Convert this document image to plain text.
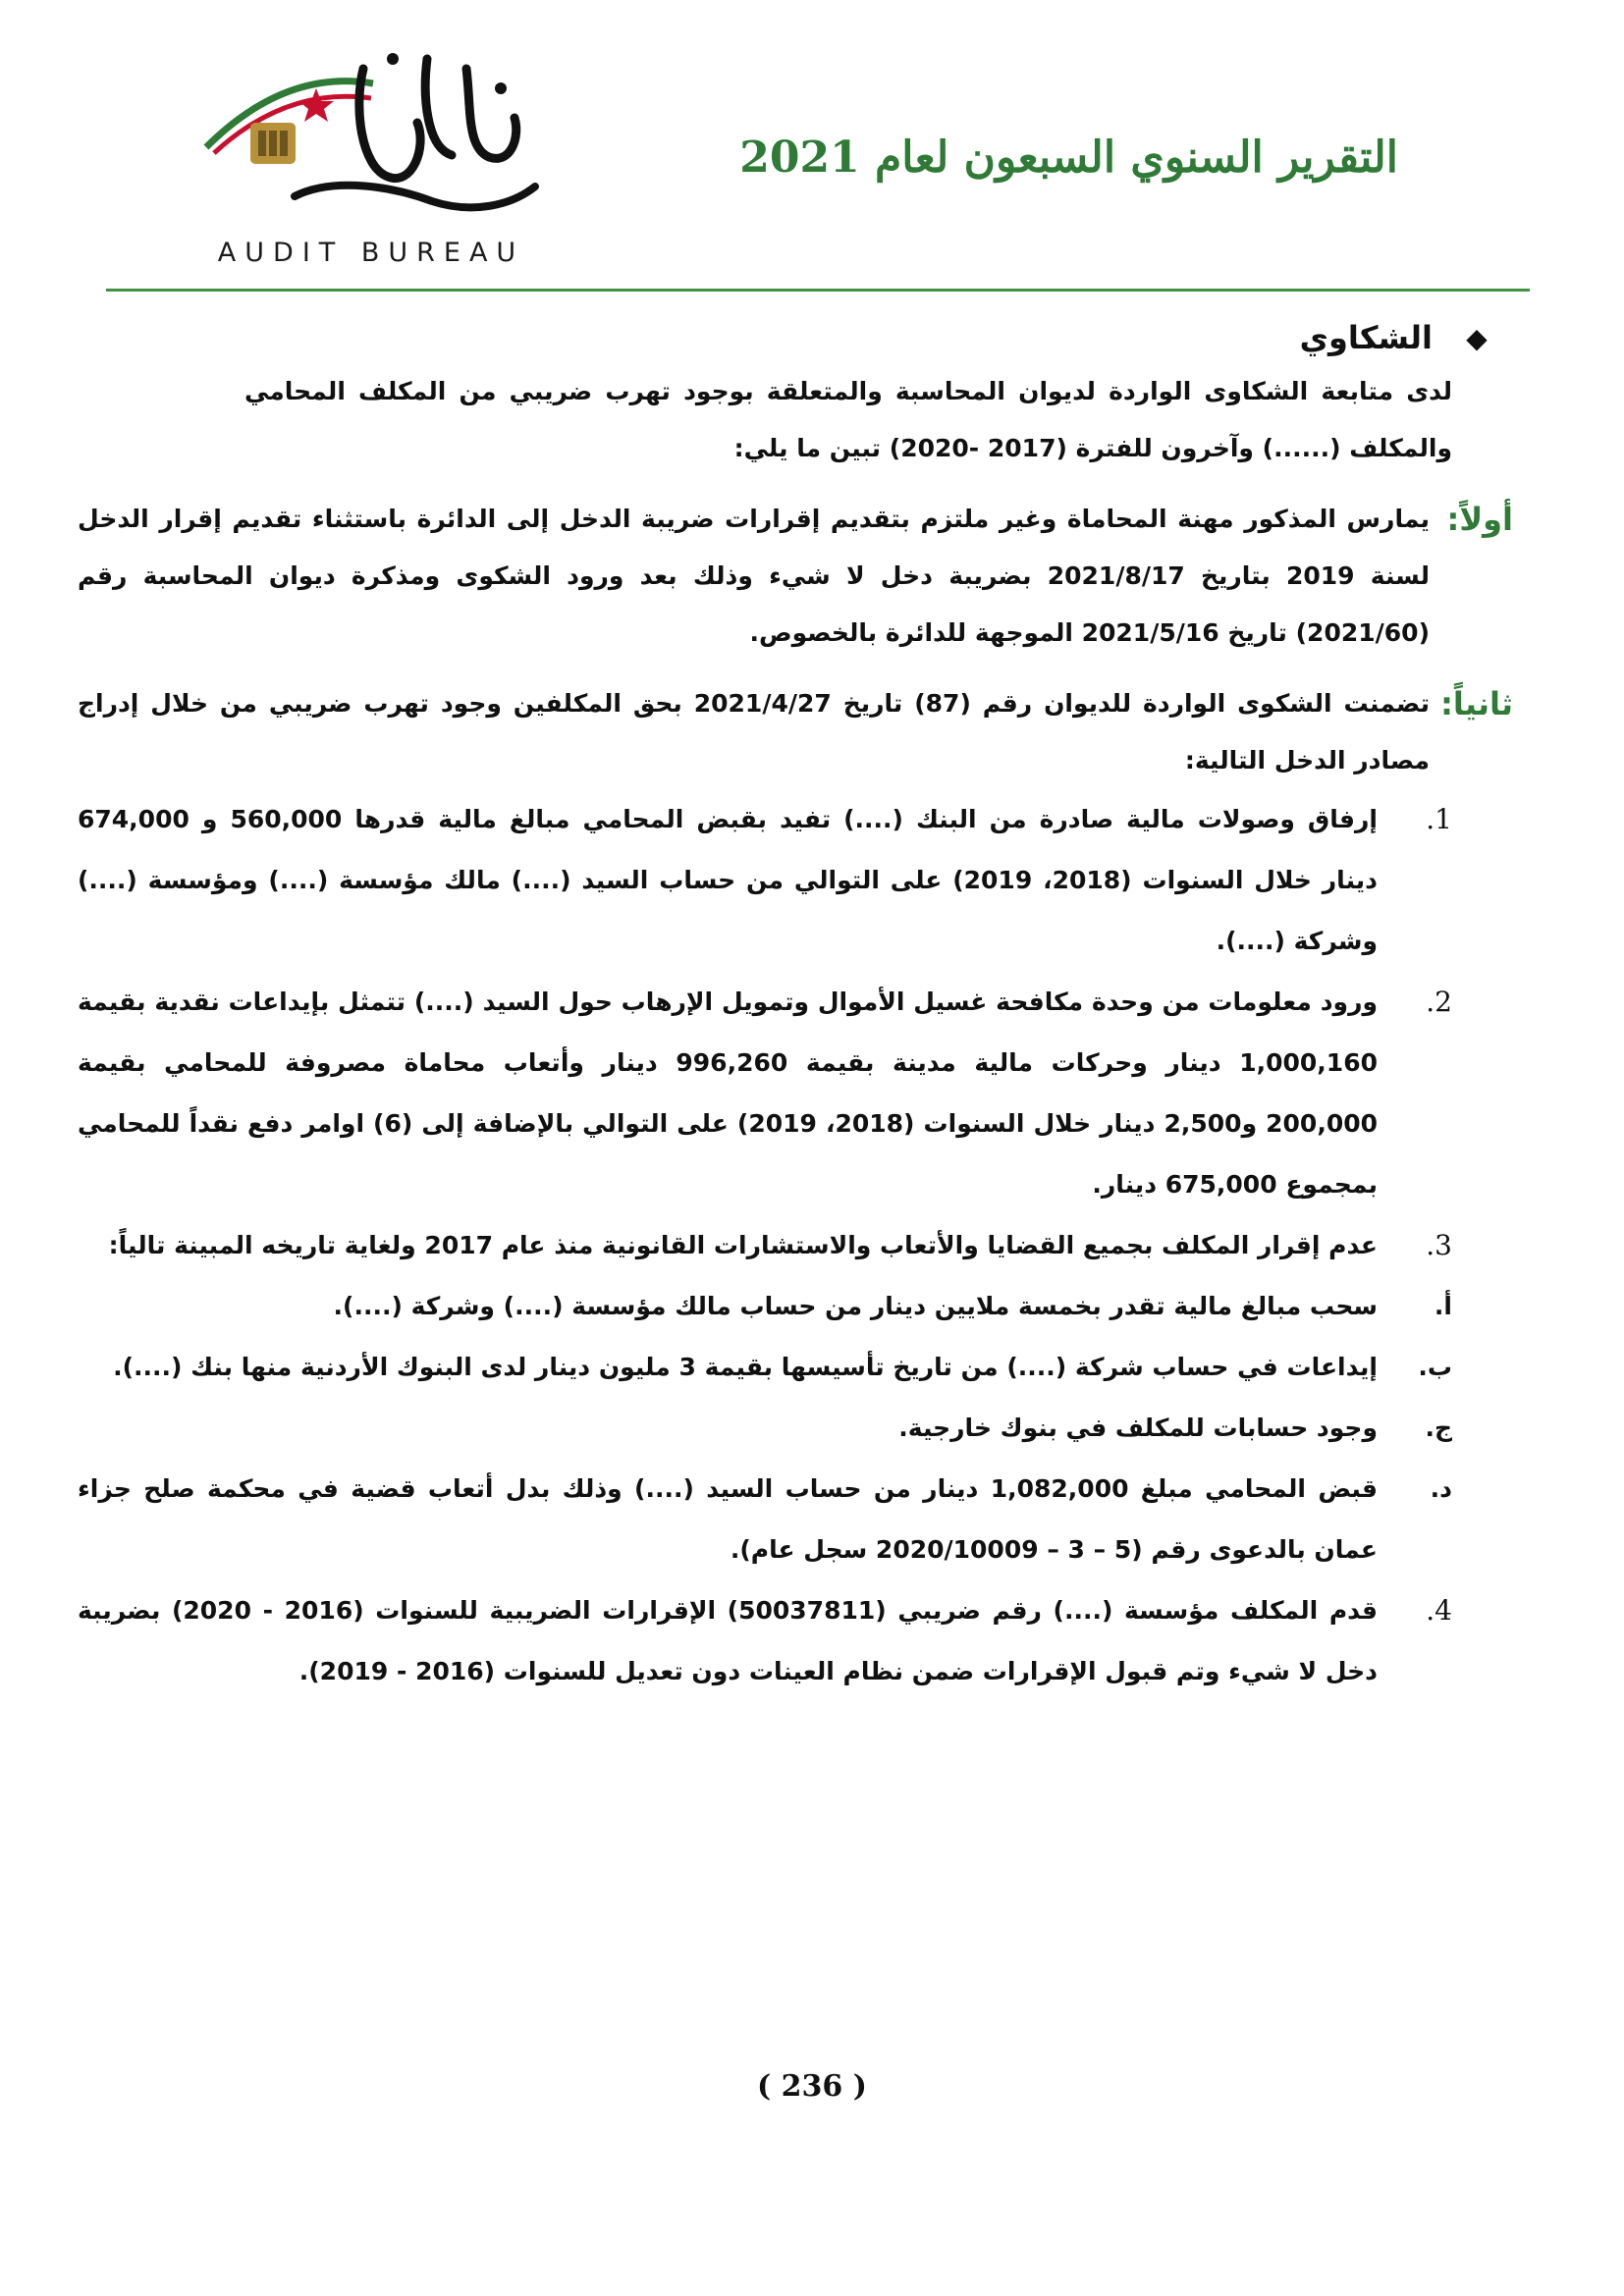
AUDIT BUREAU
التقرير السنوي السبعون لعام 2021
◆
الشكاوي
لدى متابعة الشكاوى الواردة لديوان المحاسبة والمتعلقة بوجود تهرب ضريبي من المكلف المحامي والمكلف (......) وآخرون للفترة (2017 -2020) تبين ما يلي:
أولاً:
يمارس المذكور مهنة المحاماة وغير ملتزم بتقديم إقرارات ضريبة الدخل إلى الدائرة باستثناء تقديم إقرار الدخل لسنة 2019 بتاريخ 2021/8/17 بضريبة دخل لا شيء وذلك بعد ورود الشكوى ومذكرة ديوان المحاسبة رقم (2021/60) تاريخ 2021/5/16 الموجهة للدائرة بالخصوص.
ثانياً:
تضمنت الشكوى الواردة للديوان رقم (87) تاريخ 2021/4/27 بحق المكلفين وجود تهرب ضريبي من خلال إدراج مصادر الدخل التالية:
1.
إرفاق وصولات مالية صادرة من البنك (....) تفيد بقبض المحامي مبالغ مالية قدرها 560,000 و 674,000 دينار خلال السنوات (2018، 2019) على التوالي من حساب السيد (....) مالك مؤسسة (....) ومؤسسة (....) وشركة (....).
2.
ورود معلومات من وحدة مكافحة غسيل الأموال وتمويل الإرهاب حول السيد (....) تتمثل بإيداعات نقدية بقيمة 1,000,160 دينار وحركات مالية مدينة بقيمة 996,260 دينار وأتعاب محاماة مصروفة للمحامي بقيمة 200,000 و2,500 دينار خلال السنوات (2018، 2019) على التوالي بالإضافة إلى (6) اوامر دفع نقداً للمحامي بمجموع 675,000 دينار.
3.
عدم إقرار المكلف بجميع القضايا والأتعاب والاستشارات القانونية منذ عام 2017 ولغاية تاريخه المبينة تالياً:
أ.
سحب مبالغ مالية تقدر بخمسة ملايين دينار من حساب مالك مؤسسة (....) وشركة (....).
ب.
إيداعات في حساب شركة (....) من تاريخ تأسيسها بقيمة 3 مليون دينار لدى البنوك الأردنية منها بنك (....).
ج.
وجود حسابات للمكلف في بنوك خارجية.
د.
قبض المحامي مبلغ 1,082,000 دينار من حساب السيد (....) وذلك بدل أتعاب قضية في محكمة صلح جزاء عمان بالدعوى رقم (5 – 3 – 2020/10009 سجل عام).
4.
قدم المكلف مؤسسة (....) رقم ضريبي (50037811) الإقرارات الضريبية للسنوات (2016 - 2020) بضريبة دخل لا شيء وتم قبول الإقرارات ضمن نظام العينات دون تعديل للسنوات (2016 - 2019).
( 236 )
